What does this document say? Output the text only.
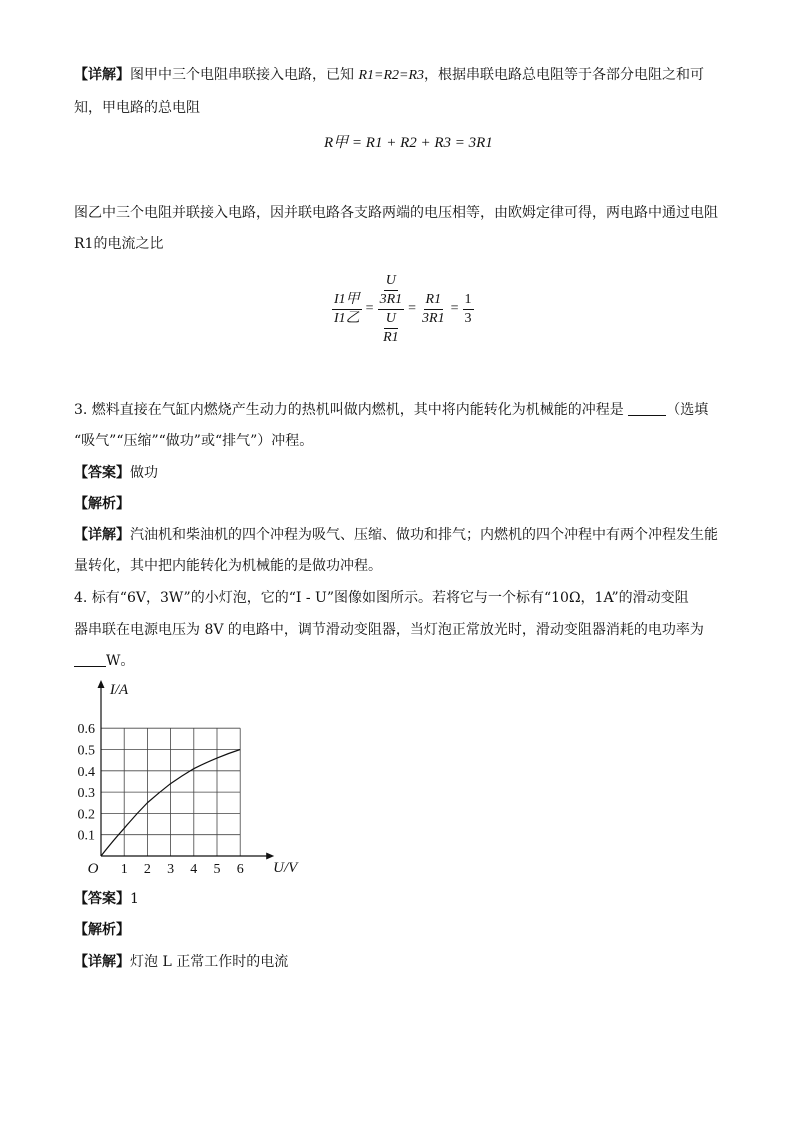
【详解】图甲中三个电阻串联接入电路，已知 R1=R2=R3，根据串联电路总电阻等于各部分电阻之和可
知，甲电路的总电阻
R甲 = R1 + R2 + R3 = 3R1
图乙中三个电阻并联接入电路，因并联电路各支路两端的电压相等，由欧姆定律可得，两电路中通过电阻
R1的电流之比
$\frac{\text{I1甲}}{\text{I1乙}} = \frac{\frac{U}{3R1}}{\frac{U}{R1}} = \frac{R1}{3R1} = \frac{1}{3}$
3. 燃料直接在气缸内燃烧产生动力的热机叫做内燃机，其中将内能转化为机械能的冲程是	（选填
“吸气”“压缩”“做功”或“排气”）冲程。
【答案】做功
【解析】
【详解】汽油机和柴油机的四个冲程为吸气、压缩、做功和排气；内燃机的四个冲程中有两个冲程发生能
量转化，其中把内能转化为机械能的是做功冲程。
4. 标有“6V，3W”的小灯泡，它的“I - U”图像如图所示。若将它与一个标有“10Ω，1A”的滑动变阻
器串联在电源电压为 8V 的电路中，调节滑动变阻器，当灯泡正常放光时，滑动变阻器消耗的电功率为
W。
1 2 3 4 5 6
0.1
0.2
0.3
0.4
0.5
0.6
O	U/V
I/A
【答案】1
【解析】
【详解】灯泡 L 正常工作时的电流
